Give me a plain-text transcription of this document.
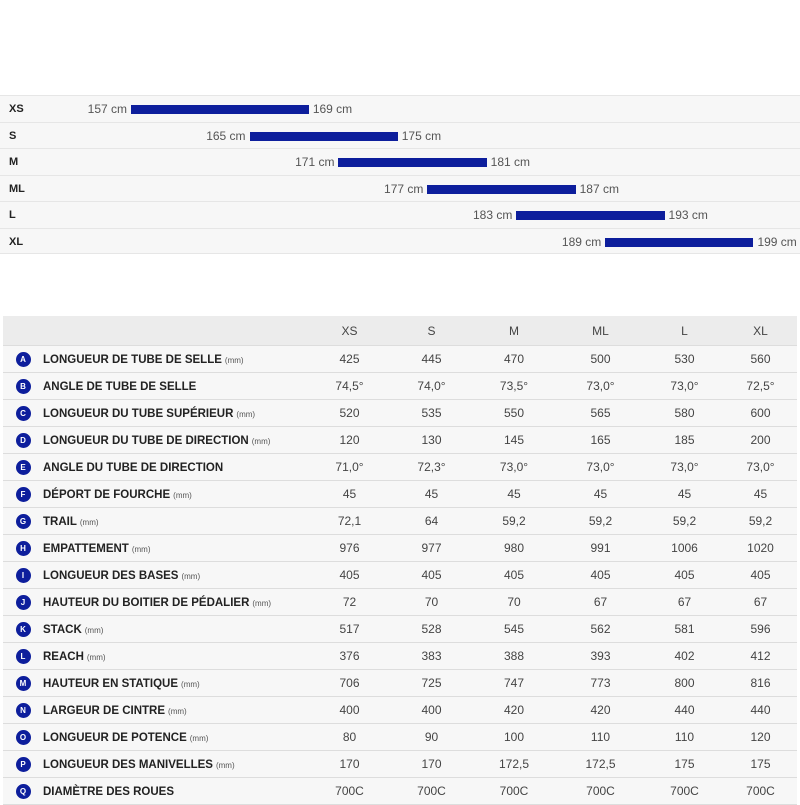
XS	157 cm	169 cm
S	165 cm	175 cm
M	171 cm	181 cm
ML	177 cm	187 cm
L	183 cm	193 cm
XL	189 cm	199 cm
		XS	S	M	ML	L	XL
A	LONGUEUR DE TUBE DE SELLE (mm)	425	445	470	500	530	560
B	ANGLE DE TUBE DE SELLE	74,5°	74,0°	73,5°	73,0°	73,0°	72,5°
C	LONGUEUR DU TUBE SUPÉRIEUR (mm)	520	535	550	565	580	600
D	LONGUEUR DU TUBE DE DIRECTION (mm)	120	130	145	165	185	200
E	ANGLE DU TUBE DE DIRECTION	71,0°	72,3°	73,0°	73,0°	73,0°	73,0°
F	DÉPORT DE FOURCHE (mm)	45	45	45	45	45	45
G	TRAIL (mm)	72,1	64	59,2	59,2	59,2	59,2
H	EMPATTEMENT (mm)	976	977	980	991	1006	1020
I	LONGUEUR DES BASES (mm)	405	405	405	405	405	405
J	HAUTEUR DU BOITIER DE PÉDALIER (mm)	72	70	70	67	67	67
K	STACK (mm)	517	528	545	562	581	596
L	REACH (mm)	376	383	388	393	402	412
M	HAUTEUR EN STATIQUE (mm)	706	725	747	773	800	816
N	LARGEUR DE CINTRE (mm)	400	400	420	420	440	440
O	LONGUEUR DE POTENCE (mm)	80	90	100	110	110	120
P	LONGUEUR DES MANIVELLES (mm)	170	170	172,5	172,5	175	175
Q	DIAMÈTRE DES ROUES	700C	700C	700C	700C	700C	700C
